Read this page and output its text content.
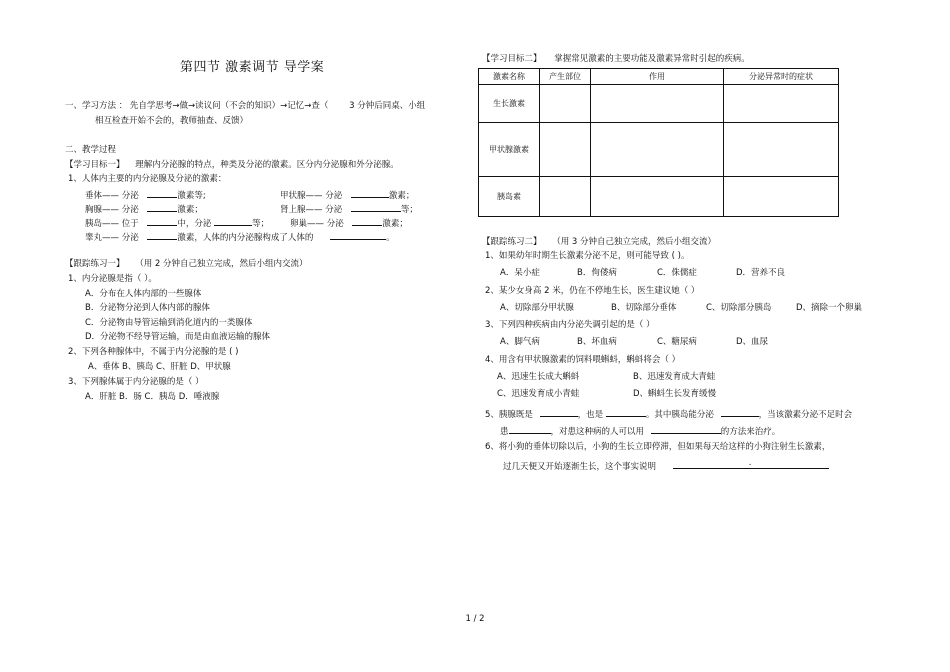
第四节 激素调节 导学案
一、学习方法 ： 先自学思考→做→读议问（不会的知识）→记忆→查（ 3 分钟后同桌、小组
相互检查开始不会的，教师抽查、反馈）
二、教学过程
【学习目标一】 理解内分泌腺的特点，种类及分泌的激素。区分内分泌腺和外分泌腺。
1、人体内主要的内分泌腺及分泌的激素：
垂体—— 分泌	激素等;	甲状腺—— 分泌	激素；
胸腺—— 分泌	激素；	肾上腺—— 分泌	等；
胰岛—— 位于	中，分泌	等； 卵巢—— 分泌	激素；
睾丸—— 分泌	激素，人体的内分泌腺构成了人体的	。
【跟踪练习一】 （用 2 分钟自己独立完成，然后小组内交流）
1、内分泌腺是指（ ）。
A．分布在人体内部的一些腺体
B．分泌物分泌到人体内部的腺体
C．分泌物由导管运输到消化道内的一类腺体
D．分泌物不经导管运输，而是由血液运输的腺体
2、下列各种腺体中，不属于内分泌腺的是 ( )
A、垂体 B、胰岛 C、肝脏 D、甲状腺
3、下列腺体属于内分泌腺的是（ ）
A．肝脏 B．肠 C．胰岛 D．唾液腺
【学习目标二】 掌握常见激素的主要功能及激素异常时引起的疾病。
激素名称	产生部位	作用	分泌异常时的症状
生长激素			
甲状腺激素			
胰岛素			
【跟踪练习二】 （用 3 分钟自己独立完成，然后小组交流）
1、如果幼年时期生长激素分泌不足，则可能导致 ( )。
A．呆小症	B．佝偻病	C．侏儒症	D．营养不良
2、某少女身高 2 米，仍在不停地生长，医生建议她（ ）
A、切除部分甲状腺	B、切除部分垂体	C、切除部分胰岛	D、摘除一个卵巢
3、下列四种疾病由内分泌失调引起的是（ ）
A、脚气病	B、坏血病	C、糖尿病	D、血尿
4、用含有甲状腺激素的饲料喂蝌蚪，蝌蚪将会（ ）
A、迅速生长成大蝌蚪	B、迅速发育成大青蛙
C、迅速发育成小青蛙	D、蝌蚪生长发育缓慢
5、胰腺既是	，也是	。其中胰岛能分泌	，当该激素分泌不足时会
患	，对患这种病的人可以用	的方法来治疗。
6、将小狗的垂体切除以后，小狗的生长立即停滞，但如果每天给这样的小狗注射生长激素，
过几天便又开始逐渐生长，这个事实说明	.
1 / 2
